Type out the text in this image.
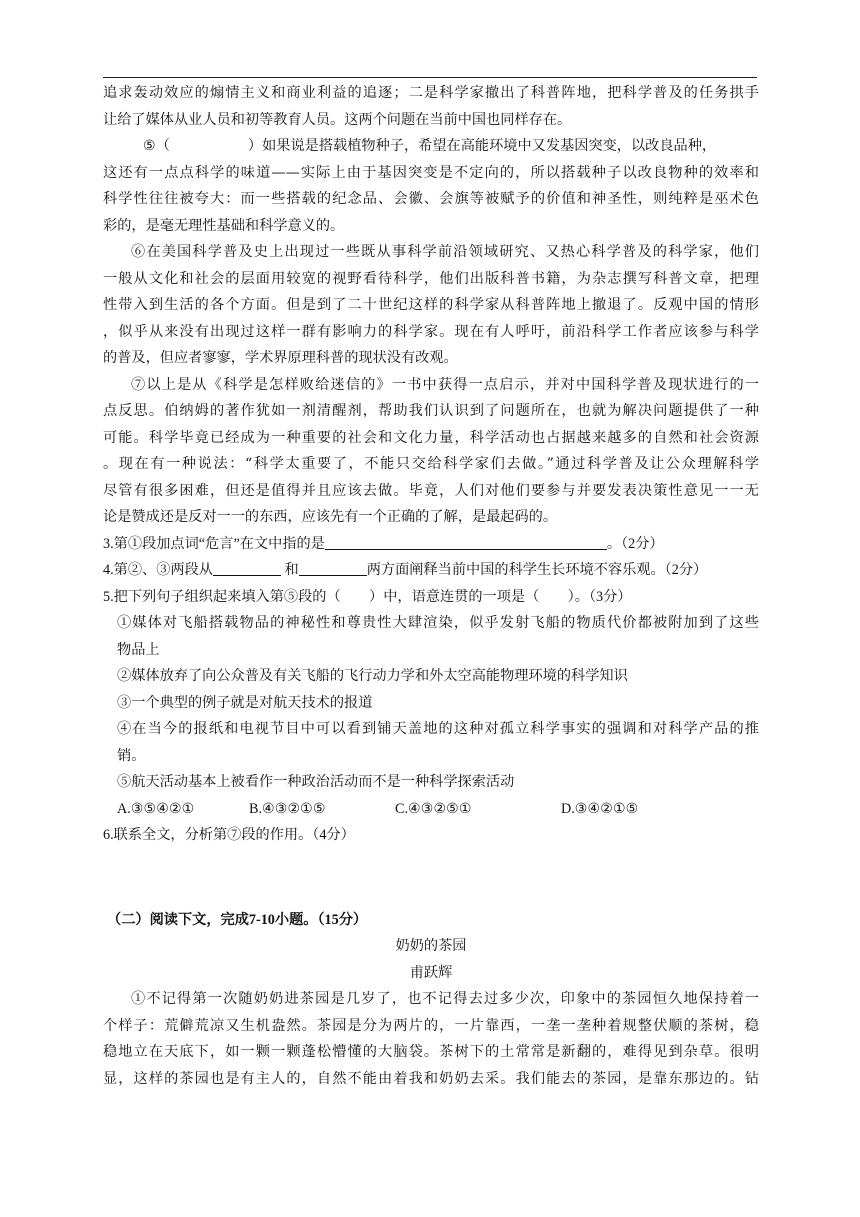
追求轰动效应的煽情主义和商业利益的追逐；二是科学家撤出了科普阵地，把科学普及的任务拱手
让给了媒体从业人员和初等教育人员。这两个问题在当前中国也同样存在。
⑤（	）如果说是搭载植物种子，希望在高能环境中又发基因突变，以改良品种，
这还有一点点科学的味道——实际上由于基因突变是不定向的，所以搭载种子以改良物种的效率和
科学性往往被夸大：而一些搭载的纪念品、会徽、会旗等被赋予的价值和神圣性，则纯粹是巫术色
彩的，是毫无理性基础和科学意义的。
⑥在美国科学普及史上出现过一些既从事科学前沿领域研究、又热心科学普及的科学家，他们
一般从文化和社会的层面用较宽的视野看待科学，他们出版科普书籍，为杂志撰写科普文章，把理
性带入到生活的各个方面。但是到了二十世纪这样的科学家从科普阵地上撤退了。反观中国的情形
，似乎从来没有出现过这样一群有影响力的科学家。现在有人呼吁，前沿科学工作者应该参与科学
的普及，但应者寥寥，学术界原理科普的现状没有改观。
⑦以上是从《科学是怎样败给迷信的》一书中获得一点启示，并对中国科学普及现状进行的一
点反思。伯纳姆的著作犹如一剂清醒剂，帮助我们认识到了问题所在，也就为解决问题提供了一种
可能。科学毕竟已经成为一种重要的社会和文化力量，科学活动也占据越来越多的自然和社会资源
。现在有一种说法：“科学太重要了，不能只交给科学家们去做。”通过科学普及让公众理解科学
尽管有很多困难，但还是值得并且应该去做。毕竟，人们对他们要参与并要发表决策性意见一一无
论是赞成还是反对一一的东西，应该先有一个正确的了解，是最起码的。
3.第①段加点词“危言”在文中指的是	。（2分）
4.第②、③两段从	和	两方面阐释当前中国的科学生长环境不容乐观。（2分）
5.把下列句子组织起来填入第⑤段的（　　）中，语意连贯的一项是（　　）。（3分）
①媒体对飞船搭载物品的神秘性和尊贵性大肆渲染，似乎发射飞船的物质代价都被附加到了这些
物品上
②媒体放弃了向公众普及有关飞船的飞行动力学和外太空高能物理环境的科学知识
③一个典型的例子就是对航天技术的报道
④在当今的报纸和电视节目中可以看到铺天盖地的这种对孤立科学事实的强调和对科学产品的推
销。
⑤航天活动基本上被看作一种政治活动而不是一种科学探索活动
A.③⑤④②①	B.④③②①⑤	C.④③②⑤①	D.③④②①⑤
6.联系全文，分析第⑦段的作用。（4分）
（二）阅读下文，完成7-10小题。（15分）
奶奶的茶园
甫跃辉
①不记得第一次随奶奶进茶园是几岁了，也不记得去过多少次，印象中的茶园恒久地保持着一
个样子：荒僻荒凉又生机盎然。茶园是分为两片的，一片靠西，一垄一垄种着规整伏顺的茶树，稳
稳地立在天底下，如一颗一颗蓬松懵懂的大脑袋。茶树下的土常常是新翻的，难得见到杂草。很明
显，这样的茶园也是有主人的，自然不能由着我和奶奶去采。我们能去的茶园，是靠东那边的。钻
